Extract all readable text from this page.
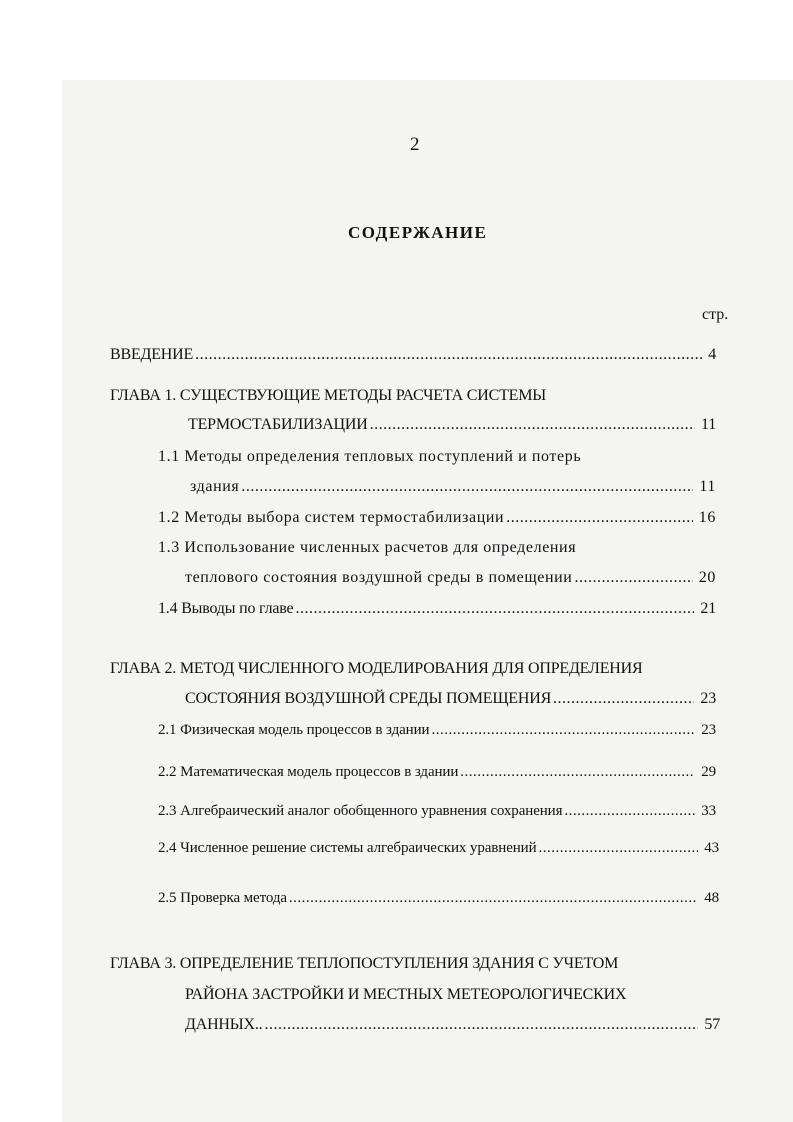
2
СОДЕРЖАНИЕ
стр.
ВВЕДЕНИЕ .....	4
ГЛАВА 1. СУЩЕСТВУЮЩИЕ МЕТОДЫ РАСЧЕТА СИСТЕМЫ
ТЕРМОСТАБИЛИЗАЦИИ .....	11
1.1 Методы определения тепловых поступлений и потерь
здания .....	11
1.2 Методы выбора систем термостабилизации .....	16
1.3 Использование численных расчетов для определения
теплового состояния воздушной среды в помещении .....	20
1.4 Выводы по главе .....	21
ГЛАВА 2. МЕТОД ЧИСЛЕННОГО МОДЕЛИРОВАНИЯ ДЛЯ ОПРЕДЕЛЕНИЯ
СОСТОЯНИЯ ВОЗДУШНОЙ СРЕДЫ ПОМЕЩЕНИЯ .....	23
2.1 Физическая модель процессов в здании .....	23
2.2 Математическая модель процессов в здании .....	29
2.3 Алгебраический аналог обобщенного уравнения сохранения .....	33
2.4 Численное решение системы алгебраических уравнений .....	43
2.5 Проверка метода .....	48
ГЛАВА 3. ОПРЕДЕЛЕНИЕ ТЕПЛОПОСТУПЛЕНИЯ ЗДАНИЯ С УЧЕТОМ
РАЙОНА ЗАСТРОЙКИ И МЕСТНЫХ МЕТЕОРОЛОГИЧЕСКИХ
ДАННЫХ.. .....	57
